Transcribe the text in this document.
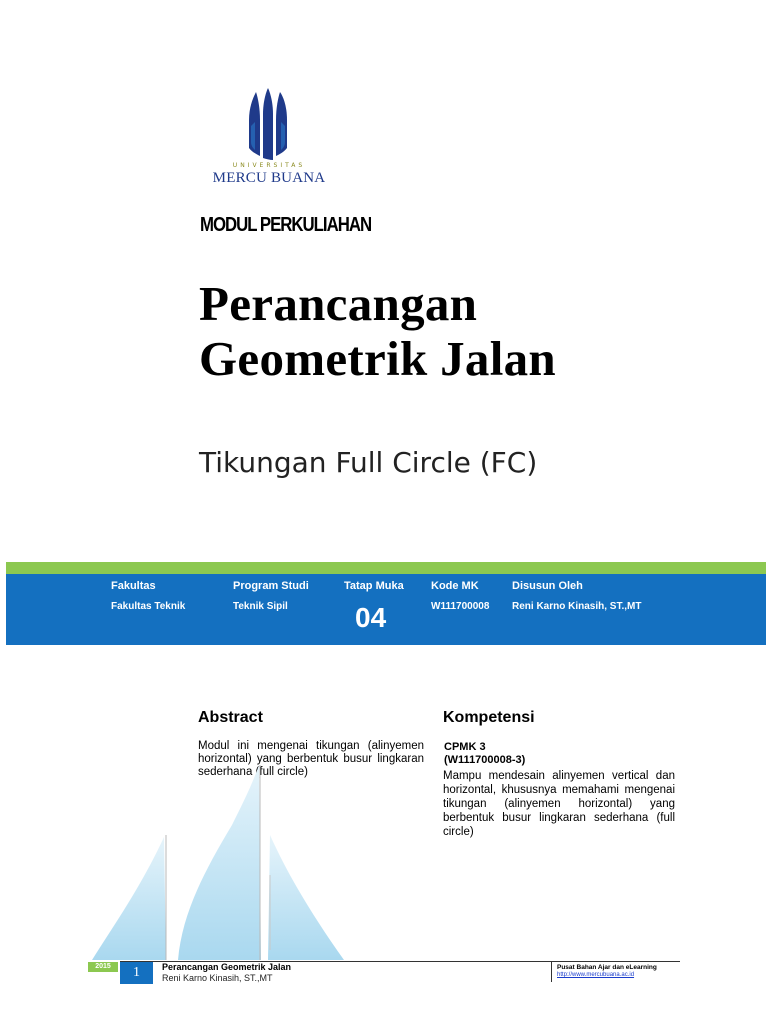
UNIVERSITAS
MERCU BUANA
MODUL PERKULIAHAN
Perancangan
Geometrik Jalan
Tikungan Full Circle (FC)
Fakultas
Fakultas Teknik
Program Studi
Teknik Sipil
Tatap Muka
04
Kode MK
W111700008
Disusun Oleh
Reni Karno Kinasih, ST.,MT
Abstract
Modul ini mengenai tikungan (alinyemen horizontal) yang berbentuk busur lingkaran sederhana (full circle)
Kompetensi
CPMK 3
(W111700008-3)
Mampu mendesain alinyemen vertical dan horizontal, khususnya memahami mengenai tikungan (alinyemen horizontal) yang berbentuk busur lingkaran sederhana (full circle)
2015	1	Perancangan Geometrik Jalan
Reni Karno Kinasih, ST.,MT
Pusat Bahan Ajar dan eLearning
http://www.mercubuana.ac.id
